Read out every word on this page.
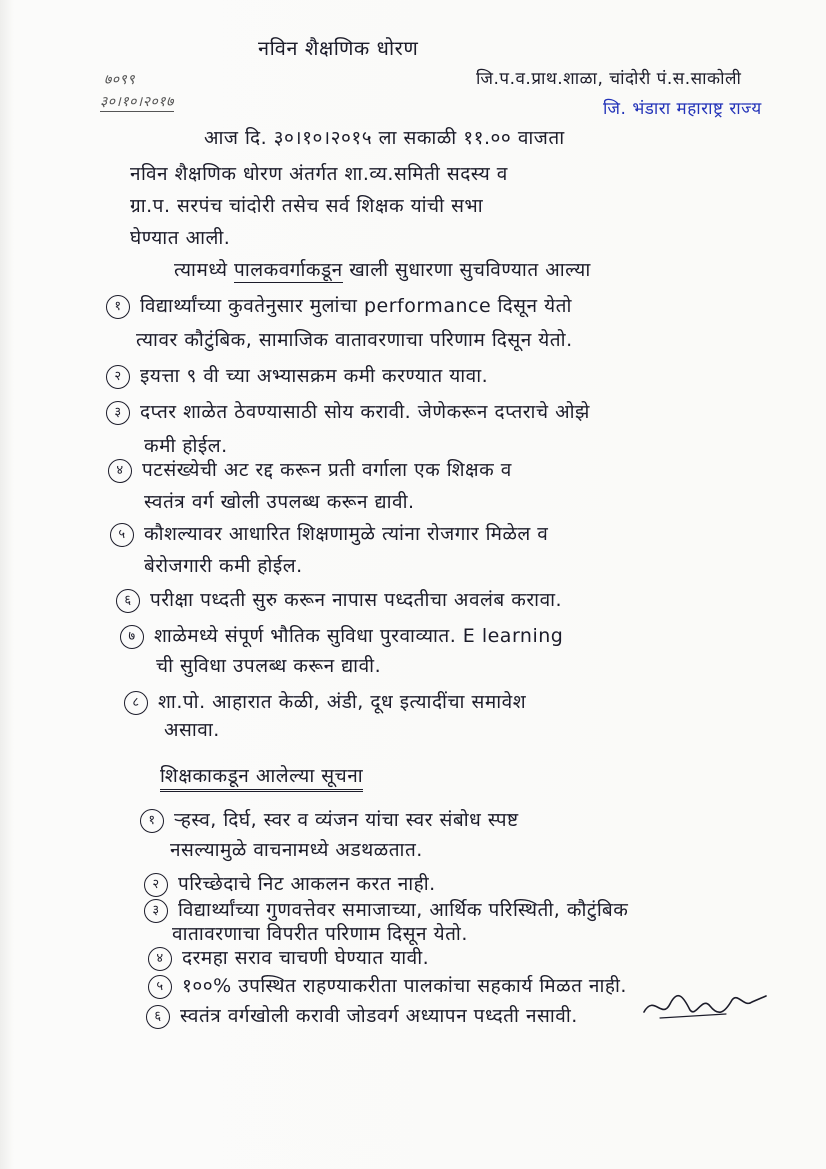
नविन शैक्षणिक धोरण
जि.प.व.प्राथ.शाळा, चांदोरी पं.स.साकोली
जि. भंडारा महाराष्ट्र राज्य
७०९९
३०।१०।२०१७
आज दि. ३०।१०।२०१५ ला सकाळी ११.०० वाजता
नविन शैक्षणिक धोरण अंतर्गत शा.व्य.समिती सदस्य व
ग्रा.प. सरपंच चांदोरी तसेच सर्व शिक्षक यांची सभा
घेण्यात आली.
त्यामध्ये पालकवर्गाकडून खाली सुधारणा सुचविण्यात आल्या
१ विद्यार्थ्यांच्या कुवतेनुसार मुलांचा performance दिसून येतो
त्यावर कौटुंबिक, सामाजिक वातावरणाचा परिणाम दिसून येतो.
२ इयत्ता ९ वी च्या अभ्यासक्रम कमी करण्यात यावा.
३ दप्तर शाळेत ठेवण्यासाठी सोय करावी. जेणेकरून दप्तराचे ओझे
कमी होईल.
४ पटसंख्येची अट रद्द करून प्रती वर्गाला एक शिक्षक व
स्वतंत्र वर्ग खोली उपलब्ध करून द्यावी.
५ कौशल्यावर आधारित शिक्षणामुळे त्यांना रोजगार मिळेल व
बेरोजगारी कमी होईल.
६ परीक्षा पध्दती सुरु करून नापास पध्दतीचा अवलंब करावा.
७ शाळेमध्ये संपूर्ण भौतिक सुविधा पुरवाव्यात. E learning
ची सुविधा उपलब्ध करून द्यावी.
८ शा.पो. आहारात केळी, अंडी, दूध इत्यादींचा समावेश
असावा.
शिक्षकाकडून आलेल्या सूचना
१ ऱ्हस्व, दिर्घ, स्वर व व्यंजन यांचा स्वर संबोध स्पष्ट
नसल्यामुळे वाचनामध्ये अडथळतात.
२ परिच्छेदाचे निट आकलन करत नाही.
३ विद्यार्थ्यांच्या गुणवत्तेवर समाजाच्या, आर्थिक परिस्थिती, कौटुंबिक
वातावरणाचा विपरीत परिणाम दिसून येतो.
४ दरमहा सराव चाचणी घेण्यात यावी.
५ १००% उपस्थित राहण्याकरीता पालकांचा सहकार्य मिळत नाही.
६ स्वतंत्र वर्गखोली करावी जोडवर्ग अध्यापन पध्दती नसावी.
